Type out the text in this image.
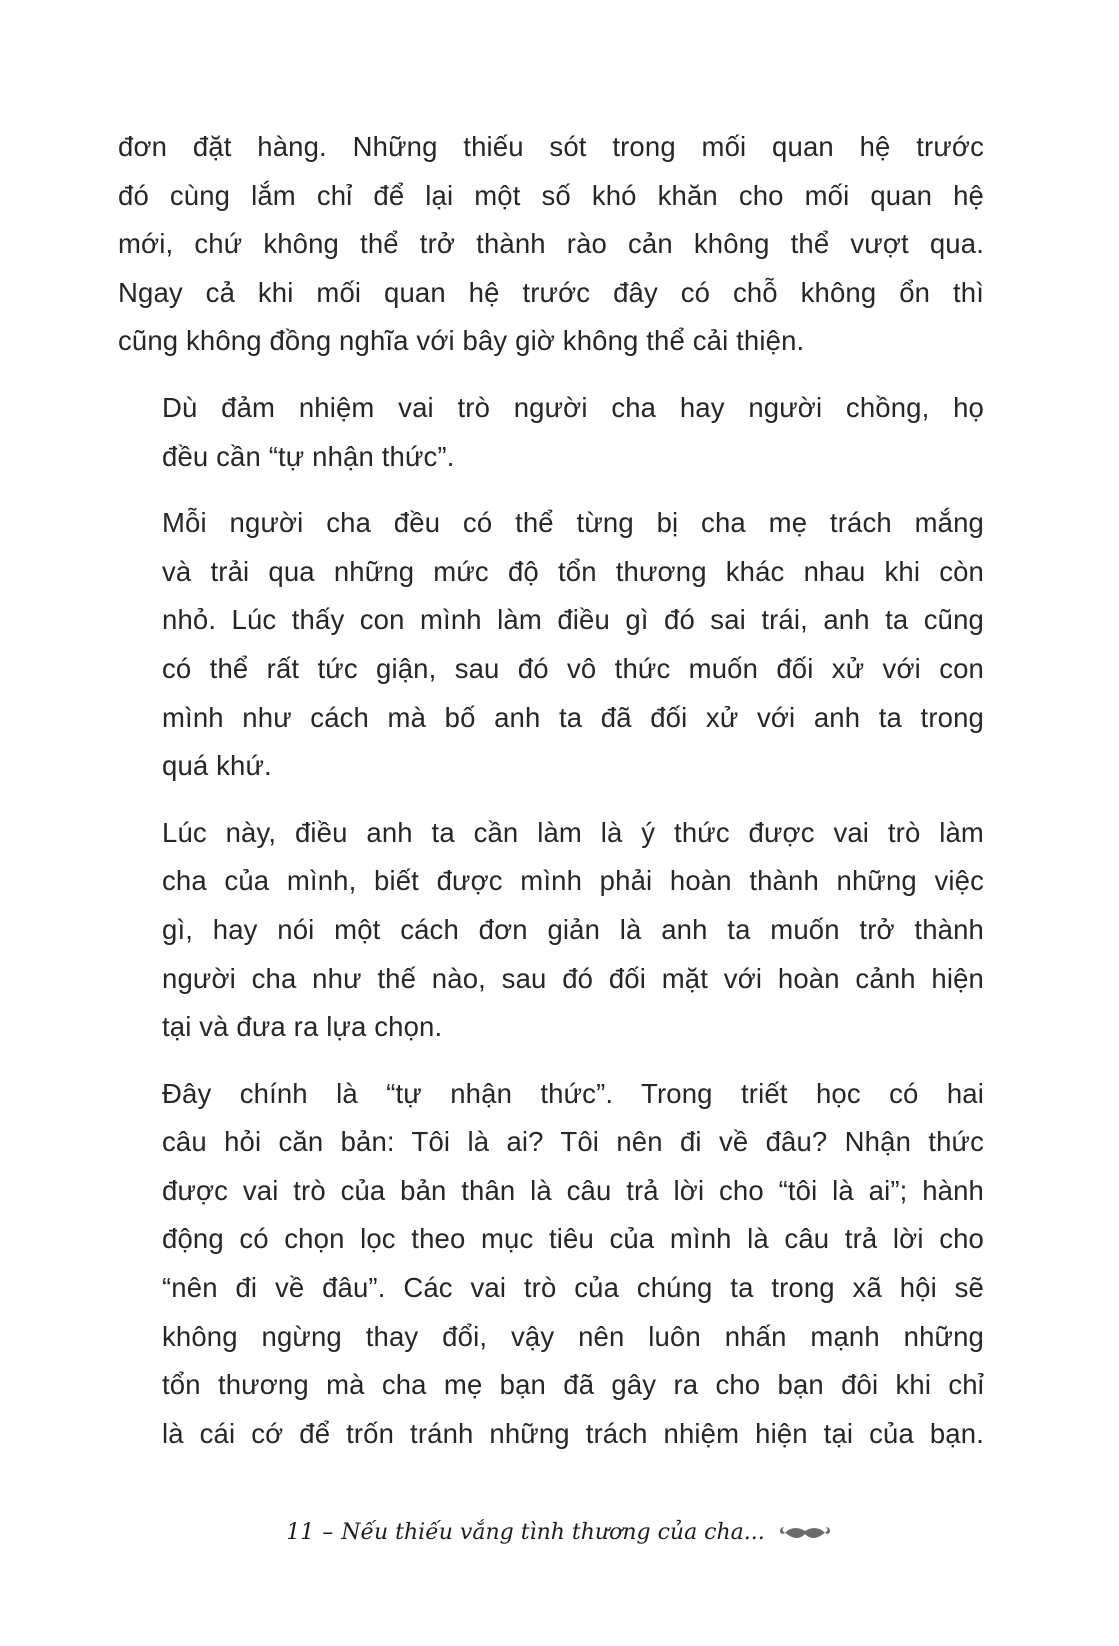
đơn đặt hàng. Những thiếu sót trong mối quan hệ trước
đó cùng lắm chỉ để lại một số khó khăn cho mối quan hệ
mới, chứ không thể trở thành rào cản không thể vượt qua.
Ngay cả khi mối quan hệ trước đây có chỗ không ổn thì
cũng không đồng nghĩa với bây giờ không thể cải thiện.

Dù đảm nhiệm vai trò người cha hay người chồng, họ
đều cần “tự nhận thức”.

Mỗi người cha đều có thể từng bị cha mẹ trách mắng
và trải qua những mức độ tổn thương khác nhau khi còn
nhỏ. Lúc thấy con mình làm điều gì đó sai trái, anh ta cũng
có thể rất tức giận, sau đó vô thức muốn đối xử với con
mình như cách mà bố anh ta đã đối xử với anh ta trong
quá khứ.

Lúc này, điều anh ta cần làm là ý thức được vai trò làm
cha của mình, biết được mình phải hoàn thành những việc
gì, hay nói một cách đơn giản là anh ta muốn trở thành
người cha như thế nào, sau đó đối mặt với hoàn cảnh hiện
tại và đưa ra lựa chọn.

Đây chính là “tự nhận thức”. Trong triết học có hai
câu hỏi căn bản: Tôi là ai? Tôi nên đi về đâu? Nhận thức
được vai trò của bản thân là câu trả lời cho “tôi là ai”; hành
động có chọn lọc theo mục tiêu của mình là câu trả lời cho
“nên đi về đâu”. Các vai trò của chúng ta trong xã hội sẽ
không ngừng thay đổi, vậy nên luôn nhấn mạnh những
tổn thương mà cha mẹ bạn đã gây ra cho bạn đôi khi chỉ
là cái cớ để trốn tránh những trách nhiệm hiện tại của bạn.

11 – Nếu thiếu vắng tình thương của cha...
